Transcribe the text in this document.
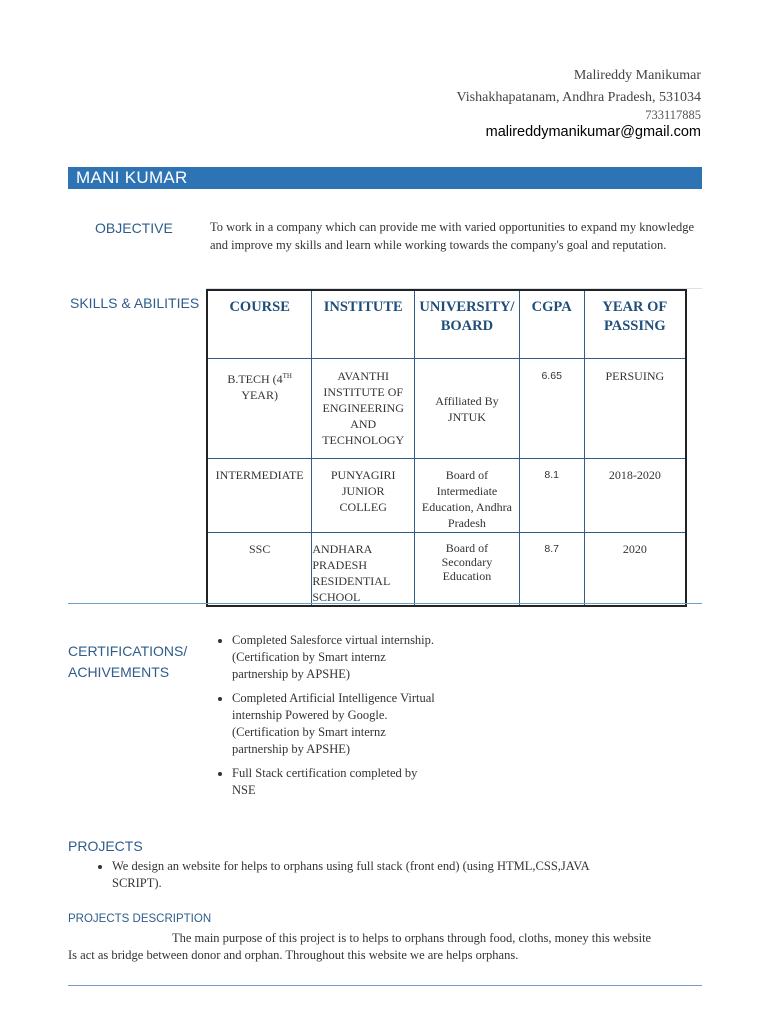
Malireddy Manikumar
Vishakhapatanam, Andhra Pradesh, 531034
733117885
malireddymanikumar@gmail.com
MANI KUMAR
OBJECTIVE	To work in a company which can provide me with varied opportunities to expand my knowledge and improve my skills and learn while working towards the company's goal and reputation.
SKILLS & ABILITIES COURSE	INSTITUTE	UNIVERSITY/ BOARD	CGPA	YEAR OF PASSING
B.TECH (4TH YEAR)	AVANTHI INSTITUTE OF ENGINEERING AND TECHNOLOGY	Affiliated By JNTUK	6.65	PERSUING
INTERMEDIATE	PUNYAGIRI JUNIOR COLLEG	Board of Intermediate Education, Andhra Pradesh	8.1	2018-2020
SSC	ANDHARA PRADESH RESIDENTIAL SCHOOL	Board of Secondary Education	8.7	2020
CERTIFICATIONS/
ACHIVEMENTS
• Completed Salesforce virtual internship.(Certification by Smart internz partnership by APSHE)
• Completed Artificial Intelligence Virtual internship Powered by Google.(Certification by Smart internz partnership by APSHE)
• Full Stack certification completed by NSE
PROJECTS
• We design an website for helps to orphans using full stack (front end) (using HTML,CSS,JAVA SCRIPT).
PROJECTS DESCRIPTION
The main purpose of this project is to helps to orphans through food, cloths, money this website
Is act as bridge between donor and orphan. Throughout this website we are helps orphans.
